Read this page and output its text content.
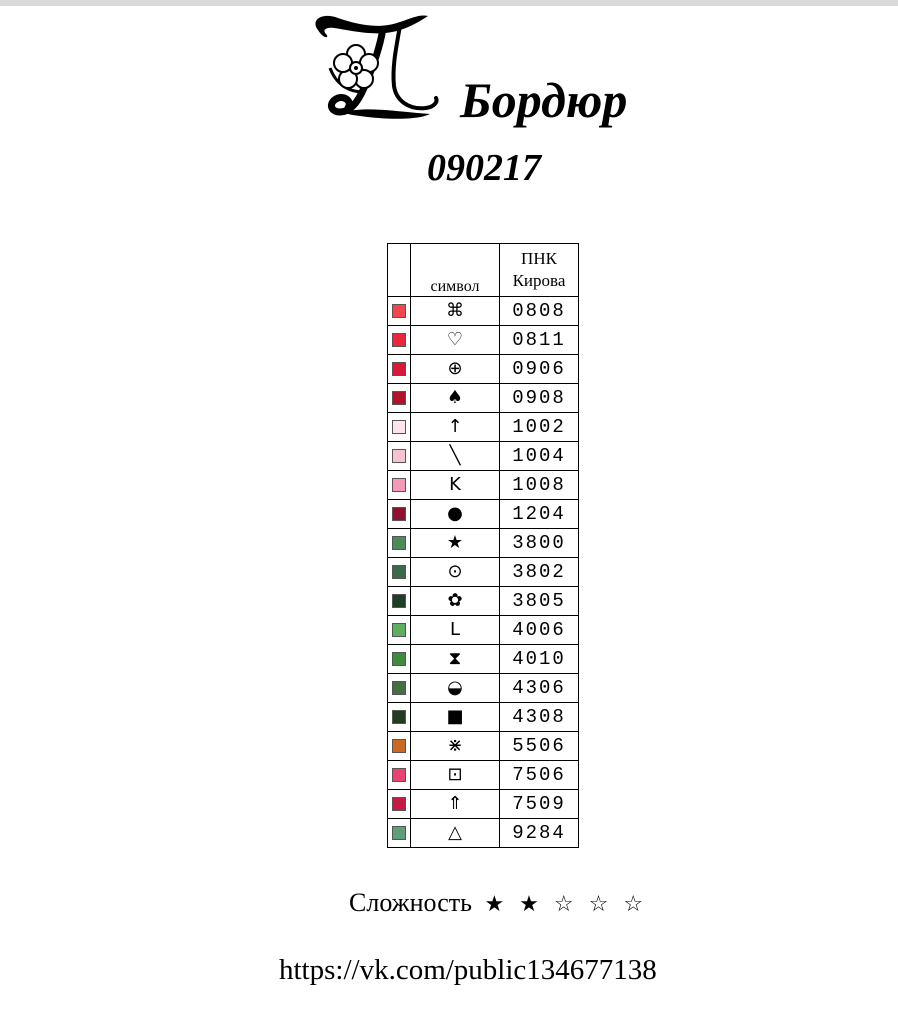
Бордюр
090217
	символ	ПНК
Кирова

	⌘	0808

	♡	0811

	⊕	0906

	♠	0908

	↑	1002

	╲	1004

	K	1008

	●	1204

	★	3800

	⊙	3802

	✿	3805

	L	4006

	⧗	4010

	◒	4306

	■	4308

	⋇	5506

	⊡	7506

	⇑	7509

	△	9284
Сложность ★ ★ ☆ ☆ ☆
https://vk.com/public134677138
